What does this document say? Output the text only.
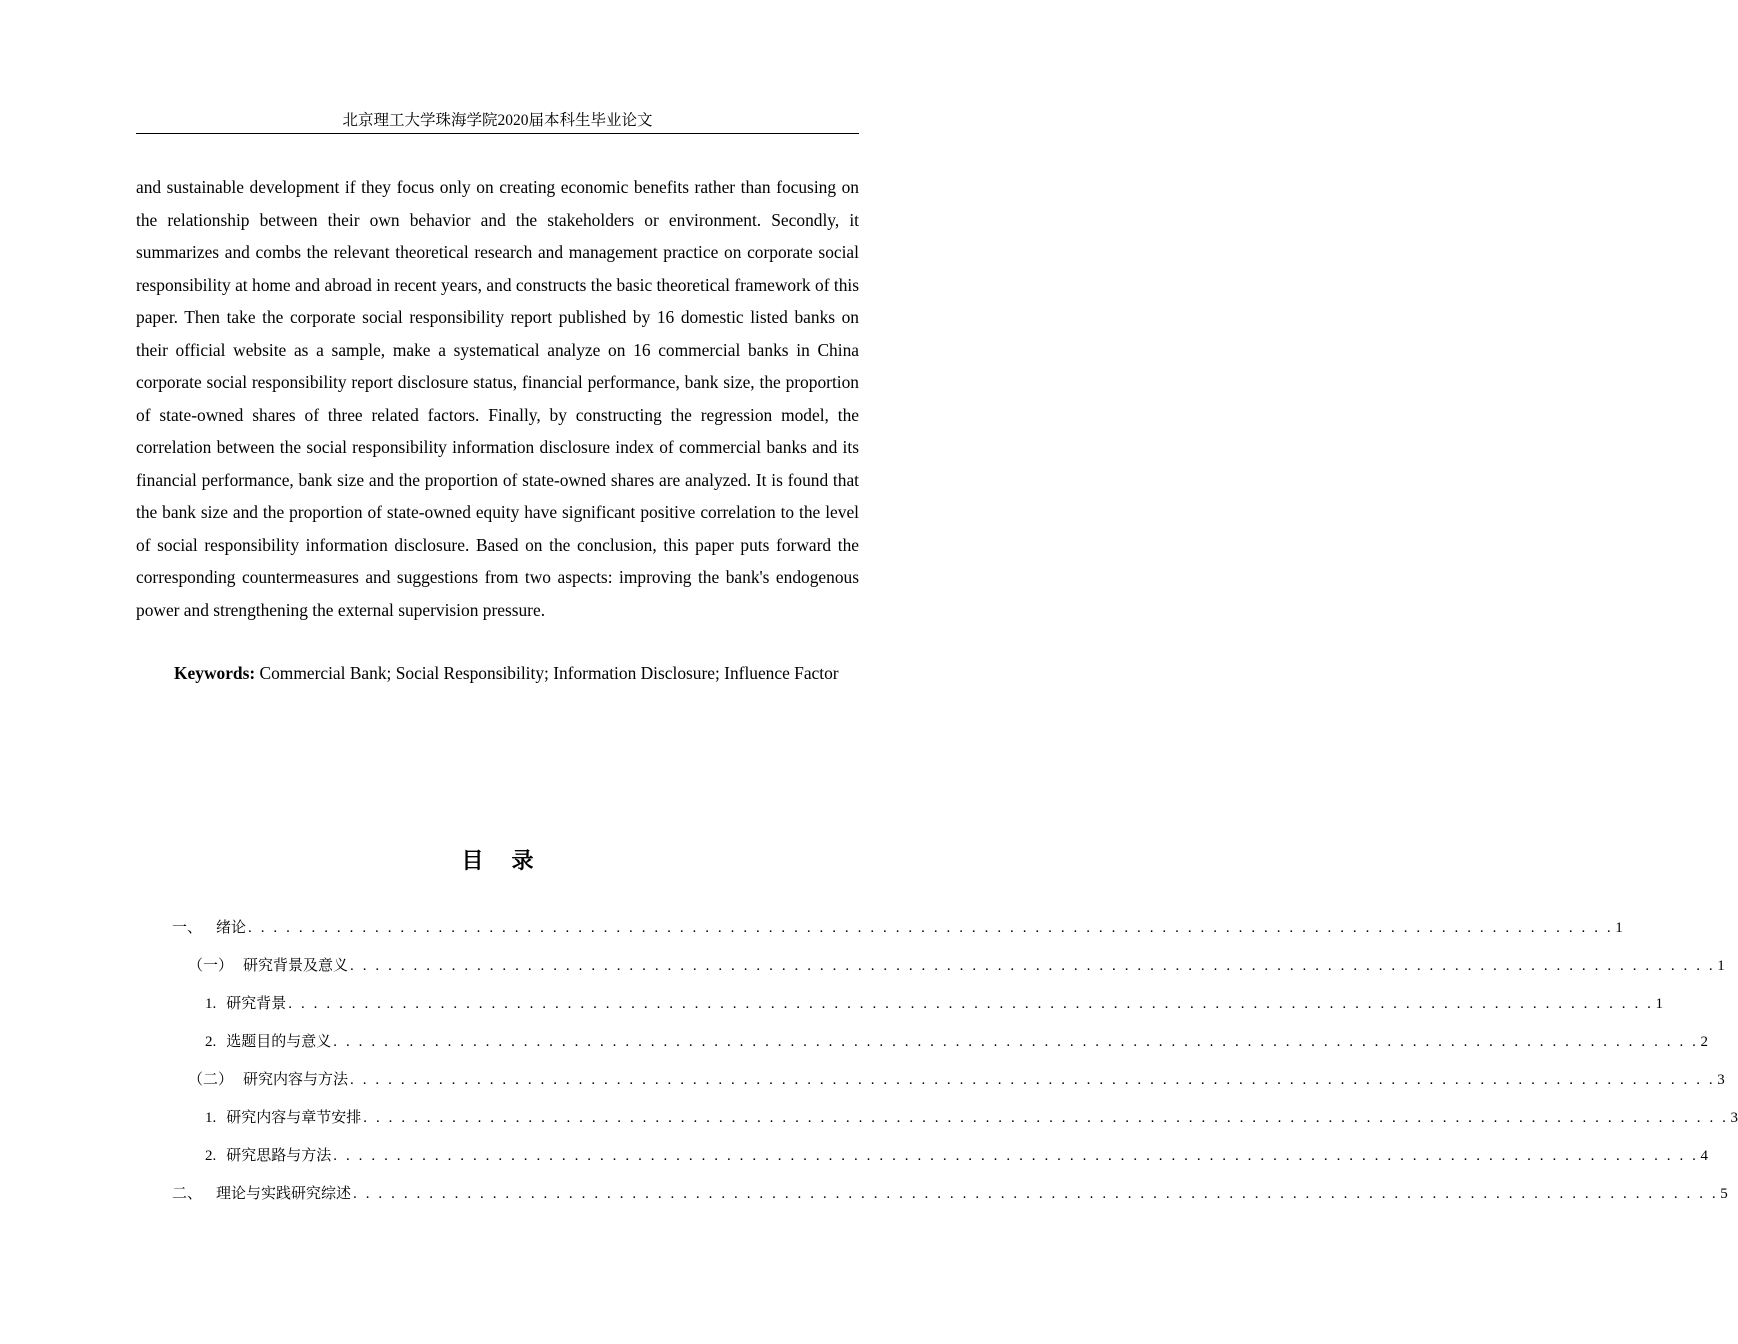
北京理工大学珠海学院2020届本科生毕业论文

and sustainable development if they focus only on creating economic benefits rather than focusing on the relationship between their own behavior and the stakeholders or environment. Secondly, it summarizes and combs the relevant theoretical research and management practice on corporate social responsibility at home and abroad in recent years, and constructs the basic theoretical framework of this paper. Then take the corporate social responsibility report published by 16 domestic listed banks on their official website as a sample, make a systematical analyze on 16 commercial banks in China corporate social responsibility report disclosure status, financial performance, bank size, the proportion of state-owned shares of three related factors. Finally, by constructing the regression model, the correlation between the social responsibility information disclosure index of commercial banks and its financial performance, bank size and the proportion of state-owned shares are analyzed. It is found that the bank size and the proportion of state-owned equity have significant positive correlation to the level of social responsibility information disclosure. Based on the conclusion, this paper puts forward the corresponding countermeasures and suggestions from two aspects: improving the bank's endogenous power and strengthening the external supervision pressure.

Keywords: Commercial Bank; Social Responsibility; Information Disclosure; Influence Factor
目录
一、 绪论 . . . . . . . . . . . . . . . . . . . . . . . . . . . . . . . . . . . . . . . . . . . . . . . . . . . . . . . . . . . . . . . . . . . . . . . . . . . . . . . . . . . . . . . . . . . . . . . . . . . . . . . . . . . . 1
（一） 研究背景及意义 . . . . . . . . . . . . . . . . . . . . . . . . . . . . . . . . . . . . . . . . . . . . . . . . . . . . . . . . . . . . . . . . . . . . . . . . . . . . . . . . . . . . . . . . . . . . . . . . . . . . . . . . . . . . 1
1. 研究背景 . . . . . . . . . . . . . . . . . . . . . . . . . . . . . . . . . . . . . . . . . . . . . . . . . . . . . . . . . . . . . . . . . . . . . . . . . . . . . . . . . . . . . . . . . . . . . . . . . . . . . . . . . . . . 1
2. 选题目的与意义 . . . . . . . . . . . . . . . . . . . . . . . . . . . . . . . . . . . . . . . . . . . . . . . . . . . . . . . . . . . . . . . . . . . . . . . . . . . . . . . . . . . . . . . . . . . . . . . . . . . . . . . . . . . . 2
（二） 研究内容与方法 . . . . . . . . . . . . . . . . . . . . . . . . . . . . . . . . . . . . . . . . . . . . . . . . . . . . . . . . . . . . . . . . . . . . . . . . . . . . . . . . . . . . . . . . . . . . . . . . . . . . . . . . . . . . 3
1. 研究内容与章节安排 . . . . . . . . . . . . . . . . . . . . . . . . . . . . . . . . . . . . . . . . . . . . . . . . . . . . . . . . . . . . . . . . . . . . . . . . . . . . . . . . . . . . . . . . . . . . . . . . . . . . . . . . . . . . 3
2. 研究思路与方法 . . . . . . . . . . . . . . . . . . . . . . . . . . . . . . . . . . . . . . . . . . . . . . . . . . . . . . . . . . . . . . . . . . . . . . . . . . . . . . . . . . . . . . . . . . . . . . . . . . . . . . . . . . . . 4
二、 理论与实践研究综述 . . . . . . . . . . . . . . . . . . . . . . . . . . . . . . . . . . . . . . . . . . . . . . . . . . . . . . . . . . . . . . . . . . . . . . . . . . . . . . . . . . . . . . . . . . . . . . . . . . . . . . . . . . . . 5
